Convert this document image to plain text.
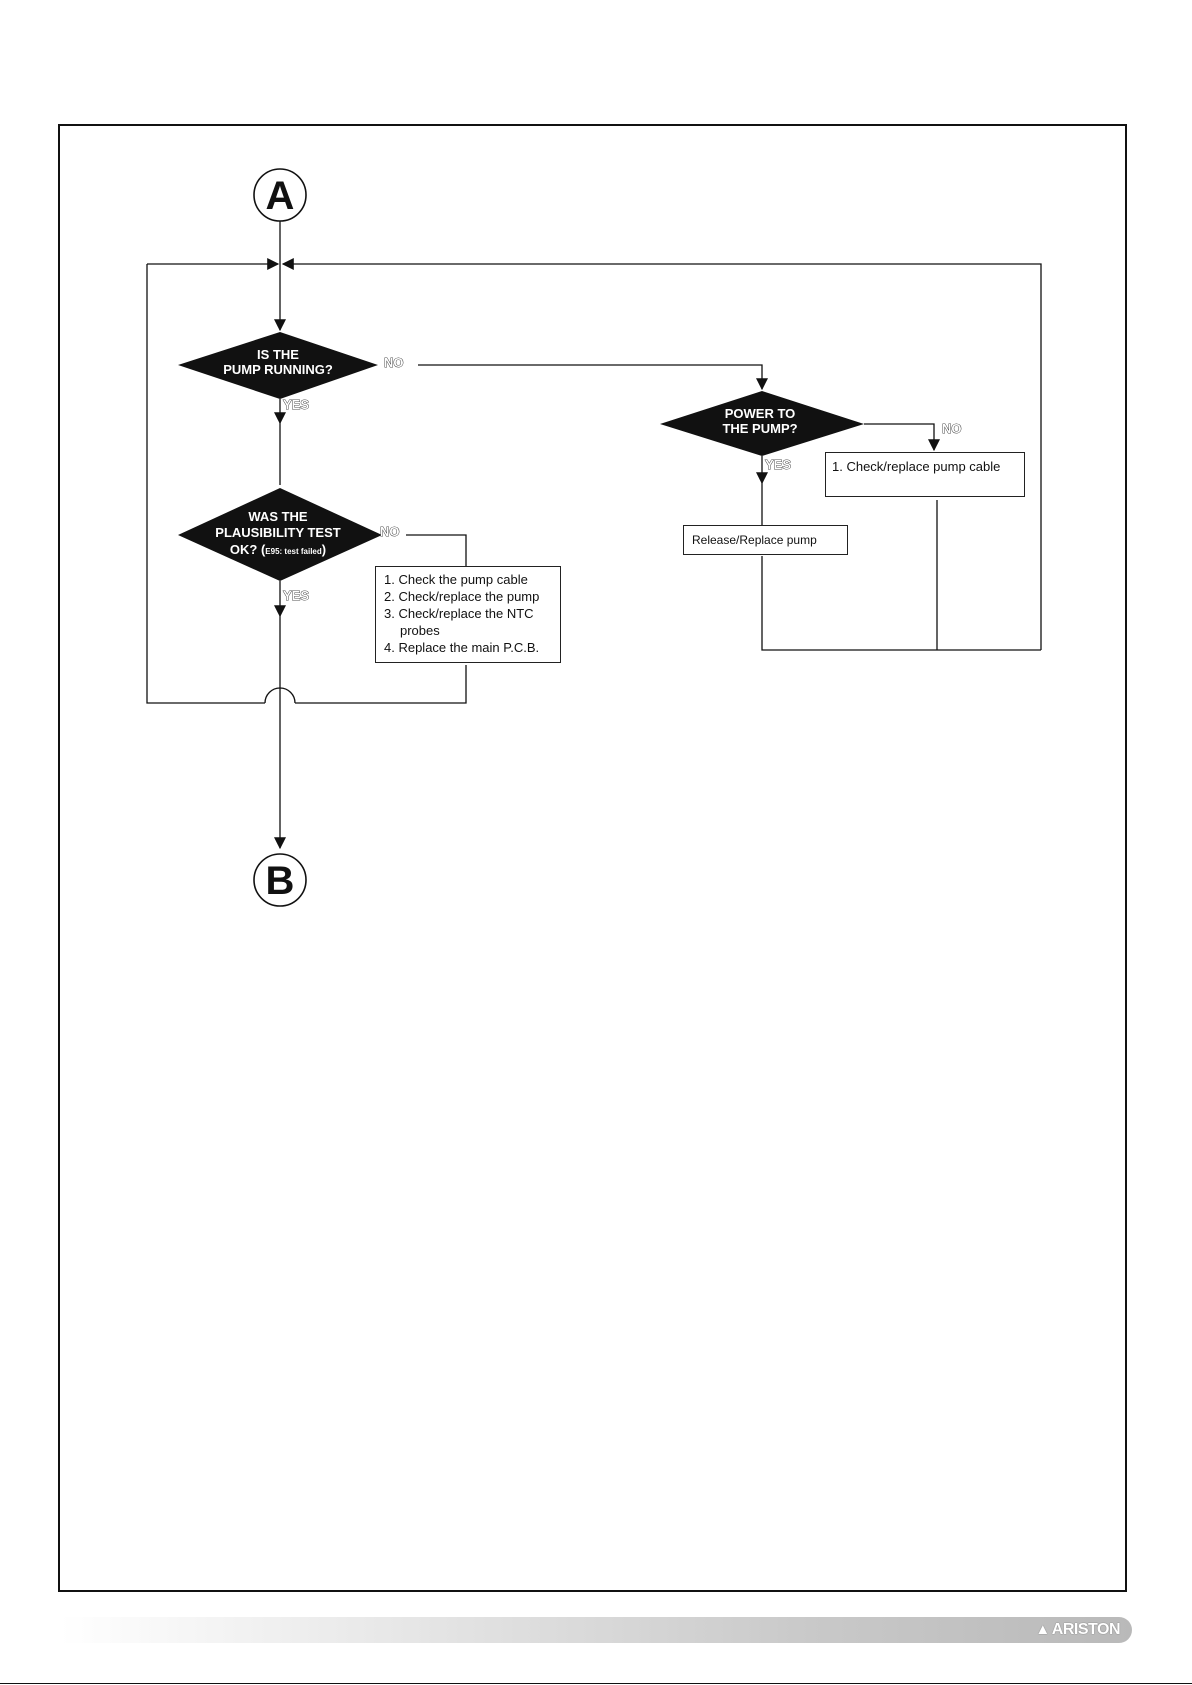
A
B
IS THE
PUMP RUNNING?
WAS THE
PLAUSIBILITY TEST
OK? (E95: test failed)
POWER TO
THE PUMP?
NO
YES
NO
YES
NO
YES
1. Check the pump cable
2. Check/replace the pump
3. Check/replace the NTC probes
4. Replace the main P.C.B.
1. Check/replace pump cable
Release/Replace pump
▲ ARISTON
